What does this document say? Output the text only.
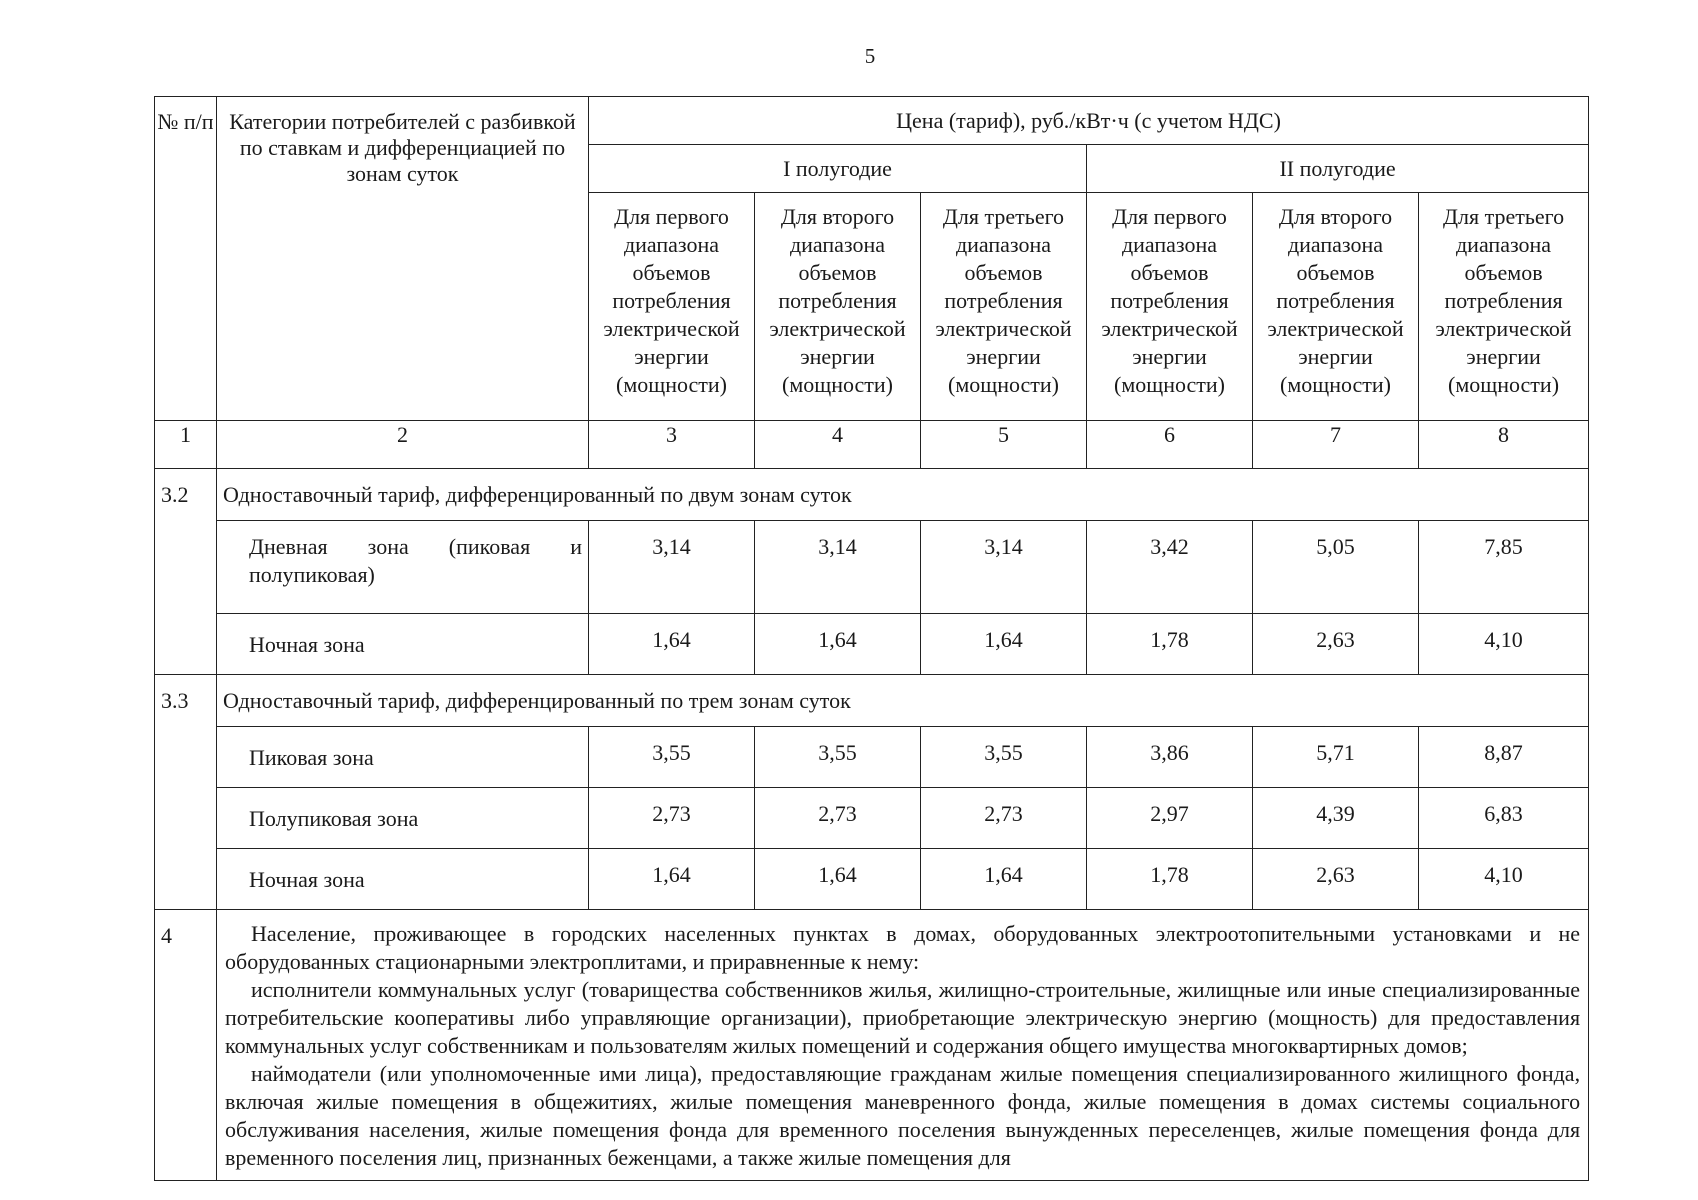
5
№ п/п	Категории потребителей с разбивкой по ставкам и дифференциацией по зонам суток	Цена (тариф), руб./кВт·ч (с учетом НДС)					
		I полугодие			II полугодие		
		Для первого диапазона объемов потребления электрической энергии (мощности)	Для второго диапазона объемов потребления электрической энергии (мощности)	Для третьего диапазона объемов потребления электрической энергии (мощности)	Для первого диапазона объемов потребления электрической энергии (мощности)	Для второго диапазона объемов потребления электрической энергии (мощности)	Для третьего диапазона объемов потребления электрической энергии (мощности)
1	2	3	4	5	6	7	8
3.2	Одноставочный тариф, дифференцированный по двум зонам суток						
	Дневная зона (пиковая и полупиковая)	3,14	3,14	3,14	3,42	5,05	7,85
	Ночная зона	1,64	1,64	1,64	1,78	2,63	4,10
3.3	Одноставочный тариф, дифференцированный по трем зонам суток						
	Пиковая зона	3,55	3,55	3,55	3,86	5,71	8,87
	Полупиковая зона	2,73	2,73	2,73	2,97	4,39	6,83
	Ночная зона	1,64	1,64	1,64	1,78	2,63	4,10
4	Население, проживающее в городских населенных пунктах в домах, оборудованных электроотопительными установками и не оборудованных стационарными электроплитами, и приравненные к нему:

исполнители коммунальных услуг (товарищества собственников жилья, жилищно-строительные, жилищные или иные специализированные потребительские кооперативы либо управляющие организации), приобретающие электрическую энергию (мощность) для предоставления коммунальных услуг собственникам и пользователям жилых помещений и содержания общего имущества многоквартирных домов;

наймодатели (или уполномоченные ими лица), предоставляющие гражданам жилые помещения специализированного жилищного фонда, включая жилые помещения в общежитиях, жилые помещения маневренного фонда, жилые помещения в домах системы социального обслуживания населения, жилые помещения фонда для временного поселения вынужденных переселенцев, жилые помещения фонда для временного поселения лиц, признанных беженцами, а также жилые помещения для						
